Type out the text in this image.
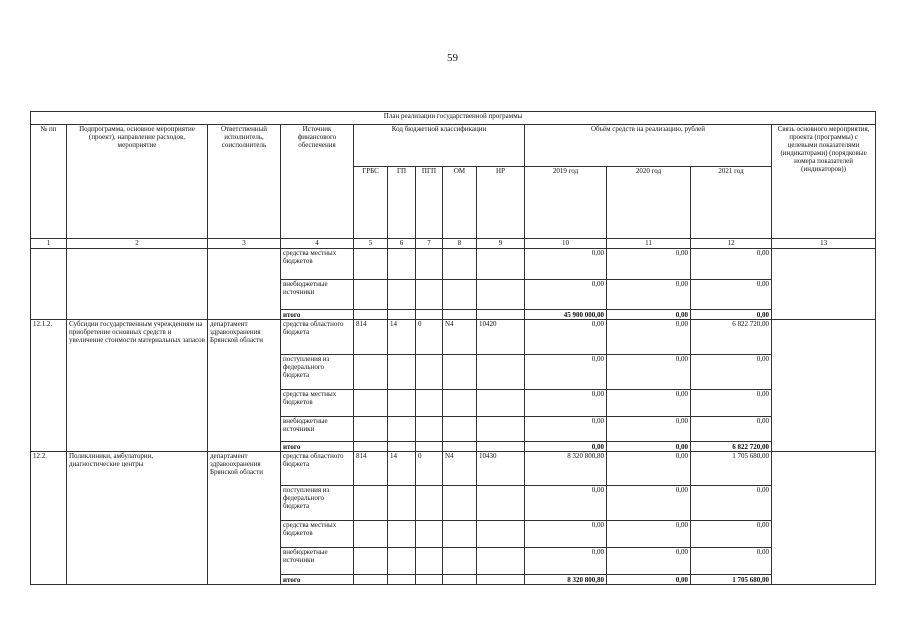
59
План реализации государственной программы												
№ пп	Подпрограмма, основное мероприятие (проект), направление расходов, мероприятие	Ответственный исполнитель, соисполнитель	Источник финансового обеспечения	Код бюджетной классификации					Объём средств на реализацию, рублей			Связь основного мероприятия, проекта (программы) с целевыми показателями (индикаторами) (порядковые номера показателей (индикаторов))
				ГРБС	ГП	ПГП	ОМ	НР	2019 год	2020 год	2021 год	
1	2	3	4	5	6	7	8	9	10	11	12	13
			средства местных бюджетов						0,00	0,00	0,00	
			внебюджетные источники						0,00	0,00	0,00	
			итого						45 900 000,00	0,00	0,00	
12.1.2.	Субсидии государственным учреждениям на приобретение основных средств и увеличение стоимости материальных запасов	департамент здравоохранения Брянской области	средства областного бюджета	814	14	0	N4	10420	0,00	0,00	6 822 720,00	
			поступления из федерального бюджета						0,00	0,00	0,00	
			средства местных бюджетов						0,00	0,00	0,00	
			внебюджетные источники						0,00	0,00	0,00	
			итого						0,00	0,00	6 822 720,00	
12.2.	Поликлиники, амбулатории, диагностические центры	департамент здравоохранения Брянской области	средства областного бюджета	814	14	0	N4	10430	8 320 800,80	0,00	1 705 680,00	
			поступления из федерального бюджета						0,00	0,00	0,00	
			средства местных бюджетов						0,00	0,00	0,00	
			внебюджетные источники						0,00	0,00	0,00	
			итого						8 320 800,80	0,00	1 705 680,00	
